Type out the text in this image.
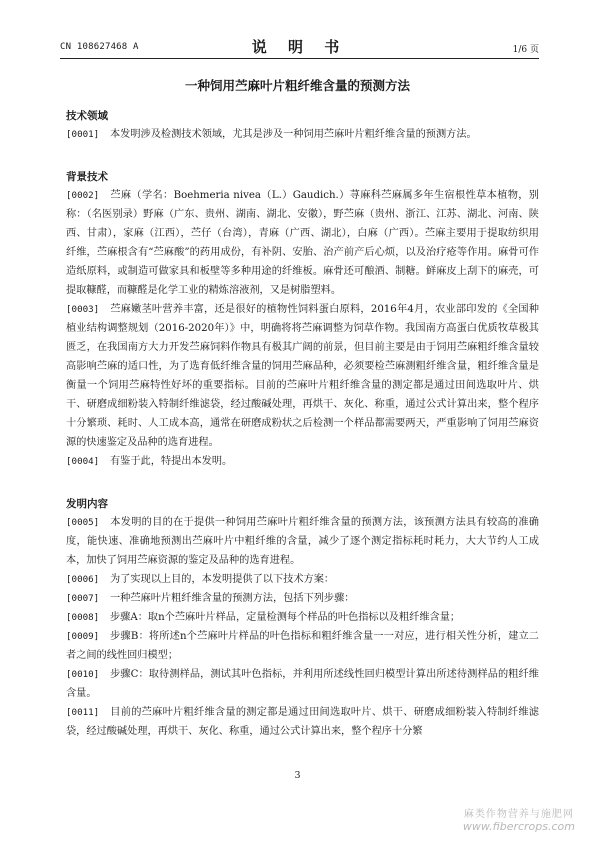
CN 108627468 A	说 明 书	1/6 页
一种饲用苎麻叶片粗纤维含量的预测方法
技术领域

[0001] 本发明涉及检测技术领域，尤其是涉及一种饲用苎麻叶片粗纤维含量的预测方法。

背景技术

[0002] 苎麻（学名：Boehmeria nivea（L.）Gaudich.）荨麻科苎麻属多年生宿根性草本植物，别称：（名医别录）野麻（广东、贵州、湖南、湖北、安徽），野苎麻（贵州、浙江、江苏、湖北、河南、陕西、甘肃），家麻（江西），苎仔（台湾），青麻（广西、湖北），白麻（广西）。苎麻主要用于提取纺织用纤维，苎麻根含有“苎麻酸”的药用成份，有补阴、安胎、治产前产后心烦，以及治疗疮等作用。麻骨可作造纸原料，或制造可做家具和板壁等多种用途的纤维板。麻骨还可酿酒、制糖。鲜麻皮上刮下的麻壳，可提取糠醛，而糠醛是化学工业的精炼溶液剂，又是树脂塑料。

[0003] 苎麻嫩茎叶营养丰富，还是很好的植物性饲料蛋白原料，2016年4月，农业部印发的《全国种植业结构调整规划（2016-2020年）》中，明确将将苎麻调整为饲草作物。我国南方高蛋白优质牧草极其匮乏，在我国南方大力开发苎麻饲料作物具有极其广阔的前景，但目前主要是由于饲用苎麻粗纤维含量较高影响苎麻的适口性，为了选育低纤维含量的饲用苎麻品种，必须要检苎麻测粗纤维含量，粗纤维含量是衡量一个饲用苎麻特性好坏的重要指标。目前的苎麻叶片粗纤维含量的测定都是通过田间选取叶片、烘干、研磨成细粉装入特制纤维滤袋，经过酸碱处理，再烘干、灰化、称重，通过公式计算出来，整个程序十分繁琐、耗时、人工成本高，通常在研磨成粉状之后检测一个样品都需要两天，严重影响了饲用苎麻资源的快速鉴定及品种的选育进程。

[0004] 有鉴于此，特提出本发明。

发明内容

[0005] 本发明的目的在于提供一种饲用苎麻叶片粗纤维含量的预测方法，该预测方法具有较高的准确度，能快速、准确地预测出苎麻叶片中粗纤维的含量，减少了逐个测定指标耗时耗力，大大节约人工成本，加快了饲用苎麻资源的鉴定及品种的选育进程。

[0006] 为了实现以上目的，本发明提供了以下技术方案：

[0007] 一种苎麻叶片粗纤维含量的预测方法，包括下列步骤：

[0008] 步骤A：取n个苎麻叶片样品，定量检测每个样品的叶色指标以及粗纤维含量；

[0009] 步骤B：将所述n个苎麻叶片样品的叶色指标和粗纤维含量一一对应，进行相关性分析，建立二者之间的线性回归模型；

[0010] 步骤C：取待测样品，测试其叶色指标，并利用所述线性回归模型计算出所述待测样品的粗纤维含量。

[0011] 目前的苎麻叶片粗纤维含量的测定都是通过田间选取叶片、烘干、研磨成细粉装入特制纤维滤袋，经过酸碱处理，再烘干、灰化、称重，通过公式计算出来，整个程序十分繁

3
麻类作物营养与施肥网
www.fibercrops.com
